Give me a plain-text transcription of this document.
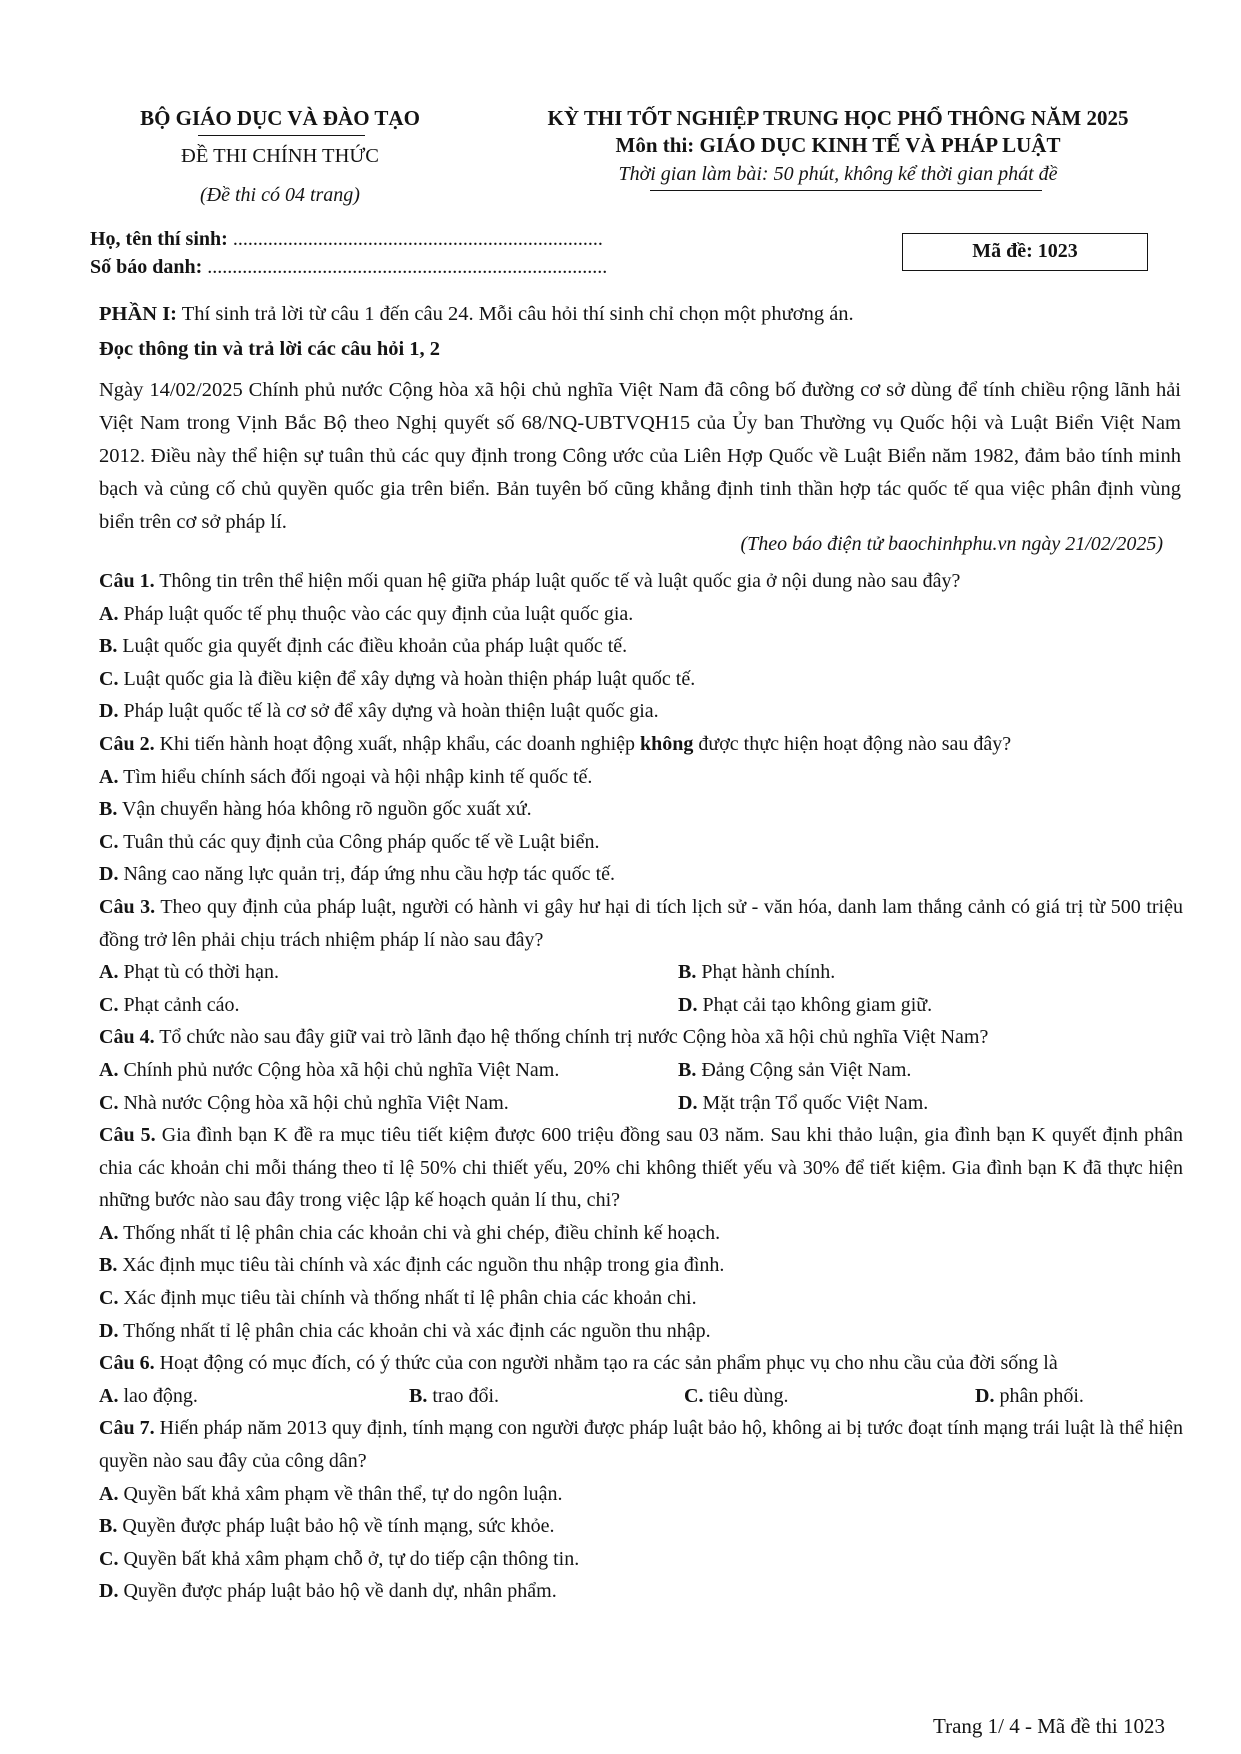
BỘ GIÁO DỤC VÀ ĐÀO TẠO
ĐỀ THI CHÍNH THỨC
(Đề thi có 04 trang)
KỲ THI TỐT NGHIỆP TRUNG HỌC PHỔ THÔNG NĂM 2025
Môn thi: GIÁO DỤC KINH TẾ VÀ PHÁP LUẬT
Thời gian làm bài: 50 phút, không kể thời gian phát đề
Họ, tên thí sinh: ..........................................................................
Số báo danh: ................................................................................
Mã đề: 1023
PHẦN I: Thí sinh trả lời từ câu 1 đến câu 24. Mỗi câu hỏi thí sinh chỉ chọn một phương án.
Đọc thông tin và trả lời các câu hỏi 1, 2
Ngày 14/02/2025 Chính phủ nước Cộng hòa xã hội chủ nghĩa Việt Nam đã công bố đường cơ sở dùng để tính chiều rộng lãnh hải Việt Nam trong Vịnh Bắc Bộ theo Nghị quyết số 68/NQ-UBTVQH15 của Ủy ban Thường vụ Quốc hội và Luật Biển Việt Nam 2012. Điều này thể hiện sự tuân thủ các quy định trong Công ước của Liên Hợp Quốc về Luật Biển năm 1982, đảm bảo tính minh bạch và củng cố chủ quyền quốc gia trên biển. Bản tuyên bố cũng khẳng định tinh thần hợp tác quốc tế qua việc phân định vùng biển trên cơ sở pháp lí.
(Theo báo điện tử baochinhphu.vn ngày 21/02/2025)
Câu 1. Thông tin trên thể hiện mối quan hệ giữa pháp luật quốc tế và luật quốc gia ở nội dung nào sau đây?
A. Pháp luật quốc tế phụ thuộc vào các quy định của luật quốc gia.
B. Luật quốc gia quyết định các điều khoản của pháp luật quốc tế.
C. Luật quốc gia là điều kiện để xây dựng và hoàn thiện pháp luật quốc tế.
D. Pháp luật quốc tế là cơ sở để xây dựng và hoàn thiện luật quốc gia.
Câu 2. Khi tiến hành hoạt động xuất, nhập khẩu, các doanh nghiệp không được thực hiện hoạt động nào sau đây?
A. Tìm hiểu chính sách đối ngoại và hội nhập kinh tế quốc tế.
B. Vận chuyển hàng hóa không rõ nguồn gốc xuất xứ.
C. Tuân thủ các quy định của Công pháp quốc tế về Luật biển.
D. Nâng cao năng lực quản trị, đáp ứng nhu cầu hợp tác quốc tế.
Câu 3. Theo quy định của pháp luật, người có hành vi gây hư hại di tích lịch sử - văn hóa, danh lam thắng cảnh có giá trị từ 500 triệu đồng trở lên phải chịu trách nhiệm pháp lí nào sau đây?
A. Phạt tù có thời hạn.	B. Phạt hành chính.
C. Phạt cảnh cáo.	D. Phạt cải tạo không giam giữ.
Câu 4. Tổ chức nào sau đây giữ vai trò lãnh đạo hệ thống chính trị nước Cộng hòa xã hội chủ nghĩa Việt Nam?
A. Chính phủ nước Cộng hòa xã hội chủ nghĩa Việt Nam.	B. Đảng Cộng sản Việt Nam.
C. Nhà nước Cộng hòa xã hội chủ nghĩa Việt Nam.	D. Mặt trận Tổ quốc Việt Nam.
Câu 5. Gia đình bạn K đề ra mục tiêu tiết kiệm được 600 triệu đồng sau 03 năm. Sau khi thảo luận, gia đình bạn K quyết định phân chia các khoản chi mỗi tháng theo tỉ lệ 50% chi thiết yếu, 20% chi không thiết yếu và 30% để tiết kiệm. Gia đình bạn K đã thực hiện những bước nào sau đây trong việc lập kế hoạch quản lí thu, chi?
A. Thống nhất tỉ lệ phân chia các khoản chi và ghi chép, điều chỉnh kế hoạch.
B. Xác định mục tiêu tài chính và xác định các nguồn thu nhập trong gia đình.
C. Xác định mục tiêu tài chính và thống nhất tỉ lệ phân chia các khoản chi.
D. Thống nhất tỉ lệ phân chia các khoản chi và xác định các nguồn thu nhập.
Câu 6. Hoạt động có mục đích, có ý thức của con người nhằm tạo ra các sản phẩm phục vụ cho nhu cầu của đời sống là
A. lao động.	B. trao đổi.	C. tiêu dùng.	D. phân phối.
Câu 7. Hiến pháp năm 2013 quy định, tính mạng con người được pháp luật bảo hộ, không ai bị tước đoạt tính mạng trái luật là thể hiện quyền nào sau đây của công dân?
A. Quyền bất khả xâm phạm về thân thể, tự do ngôn luận.
B. Quyền được pháp luật bảo hộ về tính mạng, sức khỏe.
C. Quyền bất khả xâm phạm chỗ ở, tự do tiếp cận thông tin.
D. Quyền được pháp luật bảo hộ về danh dự, nhân phẩm.
Trang 1/ 4 - Mã đề thi 1023
